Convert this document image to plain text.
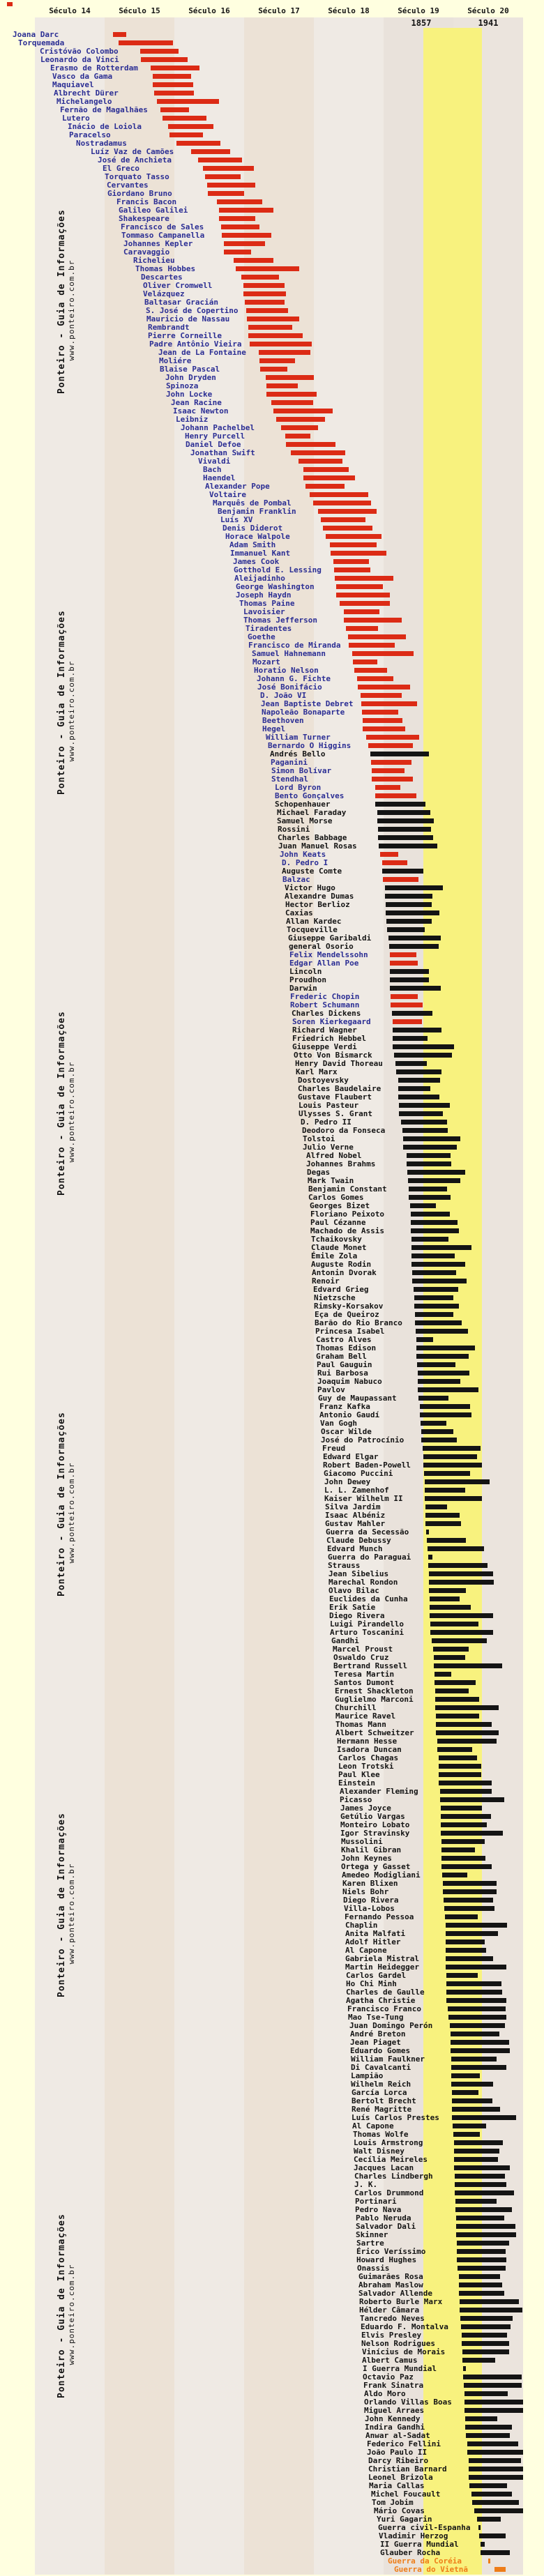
Século 14	Século 15	Século 16	Século 17	Século 18	Século 19	Século 20
1857	1941
Joana Darc
Torquemada
Cristóvão Colombo
Leonardo da Vinci
Erasmo de Rotterdam
Vasco da Gama
Maquiavel
Albrecht Dürer
Michelangelo
Fernão de Magalhães
Lutero
Inácio de Loiola
Paracelso
Nostradamus
Luíz Vaz de Camões
José de Anchieta
El Greco
Torquato Tasso
Cervantes
Giordano Bruno
Francis Bacon
Galileo Galilei
Shakespeare
Francisco de Sales
Tommaso Campanella
Johannes Kepler
Caravaggio
Richelieu
Thomas Hobbes
Descartes
Oliver Cromwell
Velázquez
Baltasar Gracián
S. José de Copertino
Mauricio de Nassau
Rembrandt
Pierre Corneille
Padre Antônio Vieira
Jean de La Fontaine
Moliére
Blaise Pascal
John Dryden
Spinoza
John Locke
Jean Racine
Isaac Newton
Leibniz
Johann Pachelbel
Henry Purcell
Daniel Defoe
Jonathan Swift
Vivaldi
Bach
Haendel
Alexander Pope
Voltaire
Marquês de Pombal
Benjamin Franklin
Luís XV
Denis Diderot
Horace Walpole
Adam Smith
Immanuel Kant
James Cook
Gotthold E. Lessing
Aleijadinho
George Washington
Joseph Haydn
Thomas Paine
Lavoisier
Thomas Jefferson
Tiradentes
Goethe
Francisco de Miranda
Samuel Hahnemann
Mozart
Horatio Nelson
Johann G. Fichte
José Bonifácio
D. João VI
Jean Baptiste Debret
Napoleão Bonaparte
Beethoven
Hegel
William Turner
Bernardo O Higgins
Andrés Bello
Paganini
Simon Bolívar
Stendhal
Lord Byron
Bento Gonçalves
Schopenhauer
Michael Faraday
Samuel Morse
Rossini
Charles Babbage
Juan Manuel Rosas
John Keats
D. Pedro I
Auguste Comte
Balzac
Victor Hugo
Alexandre Dumas
Hector Berlioz
Caxias
Allan Kardec
Tocqueville
Giuseppe Garibaldi
general Osorio
Felix Mendelssohn
Edgar Allan Poe
Lincoln
Proudhon
Darwin
Frederic Chopin
Robert Schumann
Charles Dickens
Soren Kierkegaard
Richard Wagner
Friedrich Hebbel
Giuseppe Verdi
Otto Von Bismarck
Henry David Thoreau
Karl Marx
Dostoyevsky
Charles Baudelaire
Gustave Flaubert
Louis Pasteur
Ulysses S. Grant
D. Pedro II
Deodoro da Fonseca
Tolstoi
Julio Verne
Alfred Nobel
Johannes Brahms
Degas
Mark Twain
Benjamin Constant
Carlos Gomes
Georges Bizet
Floriano Peixoto
Paul Cézanne
Machado de Assis
Tchaikovsky
Claude Monet
Émile Zola
Auguste Rodin
Antonin Dvorak
Renoir
Edvard Grieg
Nietzsche
Rimsky-Korsakov
Eça de Queiroz
Barão do Rio Branco
Princesa Isabel
Castro Alves
Thomas Edison
Graham Bell
Paul Gauguin
Rui Barbosa
Joaquim Nabuco
Pavlov
Guy de Maupassant
Franz Kafka
Antonio Gaudí
Van Gogh
Oscar Wilde
José do Patrocínio
Freud
Edward Elgar
Robert Baden-Powell
Giacomo Puccini
John Dewey
L. L. Zamenhof
Kaiser Wilhelm II
Silva Jardim
Isaac Albéniz
Gustav Mahler
Guerra da Secessão
Claude Debussy
Edvard Munch
Guerra do Paraguai
Strauss
Jean Sibelius
Marechal Rondon
Olavo Bilac
Euclides da Cunha
Erik Satie
Diego Rivera
Luigi Pirandello
Arturo Toscanini
Gandhi
Marcel Proust
Oswaldo Cruz
Bertrand Russell
Teresa Martin
Santos Dumont
Ernest Shackleton
Guglielmo Marconi
Churchill
Maurice Ravel
Thomas Mann
Albert Schweitzer
Hermann Hesse
Isadora Duncan
Carlos Chagas
Leon Trotski
Paul Klee
Einstein
Alexander Fleming
Picasso
James Joyce
Getúlio Vargas
Monteiro Lobato
Igor Stravinsky
Mussolini
Khalil Gibran
John Keynes
Ortega y Gasset
Amedeo Modigliani
Karen Blixen
Niels Bohr
Diego Rivera
Villa-Lobos
Fernando Pessoa
Chaplin
Anita Malfati
Adolf Hitler
Al Capone
Gabriela Mistral
Martin Heidegger
Carlos Gardel
Ho Chi Minh
Charles de Gaulle
Agatha Christie
Francisco Franco
Mao Tse-Tung
Juan Domingo Perón
André Breton
Jean Piaget
Eduardo Gomes
William Faulkner
Di Cavalcanti
Lampião
Wilhelm Reich
García Lorca
Bertolt Brecht
René Magritte
Luís Carlos Prestes
Al Capone
Thomas Wolfe
Louis Armstrong
Walt Disney
Cecília Meireles
Jacques Lacan
Charles Lindbergh
J. K.
Carlos Drummond
Portinari
Pedro Nava
Pablo Neruda
Salvador Dali
Skinner
Sartre
Érico Veríssimo
Howard Hughes
Onassis
Guimarães Rosa
Abraham Maslow
Salvador Allende
Roberto Burle Marx
Hélder Câmara
Tancredo Neves
Eduardo F. Montalva
Elvis Presley
Nelson Rodrigues
Vinícius de Morais
Albert Camus
I Guerra Mundial
Octavio Paz
Frank Sinatra
Aldo Moro
Orlando Villas Boas
Miguel Arraes
John Kennedy
Indira Gandhi
Anwar al-Sadat
Federico Fellini
João Paulo II
Darcy Ribeiro
Christian Barnard
Leonel Brizola
Maria Callas
Michel Foucault
Tom Jobim
Mário Covas
Yuri Gagarin
Guerra civil-Espanha
Vladimir Herzog
II Guerra Mundial
Glauber Rocha
Guerra da Coréia
Guerra do Vietnã
Ponteiro - Guia de Informações www.ponteiro.com.br
Ponteiro - Guia de Informações www.ponteiro.com.br
Ponteiro - Guia de Informações www.ponteiro.com.br
Ponteiro - Guia de Informações www.ponteiro.com.br
Ponteiro - Guia de Informações www.ponteiro.com.br
Ponteiro - Guia de Informações www.ponteiro.com.br
